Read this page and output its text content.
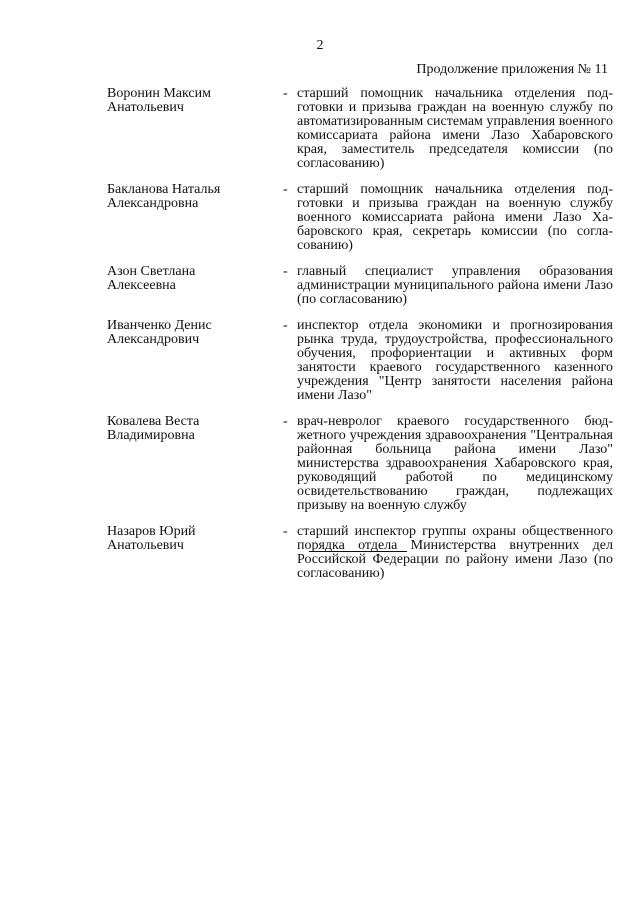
2
Продолжение приложения № 11
Воронин Максим
Анатольевич
- старший помощник начальника отделения подготовки и призыва граждан на военную службу по автоматизированным системам управления военного комиссариата района имени Лазо Хабаровского края, заместитель председателя комиссии (по согласованию)
Бакланова Наталья
Александровна
- старший помощник начальника отделения подготовки и призыва граждан на военную службу военного комиссариата района имени Лазо Хабаровского края, секретарь комиссии (по согласованию)
Азон Светлана
Алексеевна
- главный специалист управления образования администрации муниципального района имени Лазо (по согласованию)
Иванченко Денис
Александрович
- инспектор отдела экономики и прогнозирования рынка труда, трудоустройства, профессионального обучения, профориентации и активных форм занятости краевого государственного казенного учреждения "Центр занятости населения района имени Лазо"
Ковалева Веста
Владимировна
- врач-невролог краевого государственного бюджетного учреждения здравоохранения "Центральная районная больница района имени Лазо" министерства здравоохранения Хабаровского края, руководящий работой по медицинскому освидетельствованию граждан, подлежащих призыву на военную службу
Назаров Юрий
Анатольевич
- старший инспектор группы охраны общественного порядка отдела Министерства внутренних дел Российской Федерации по району имени Лазо (по согласованию)
